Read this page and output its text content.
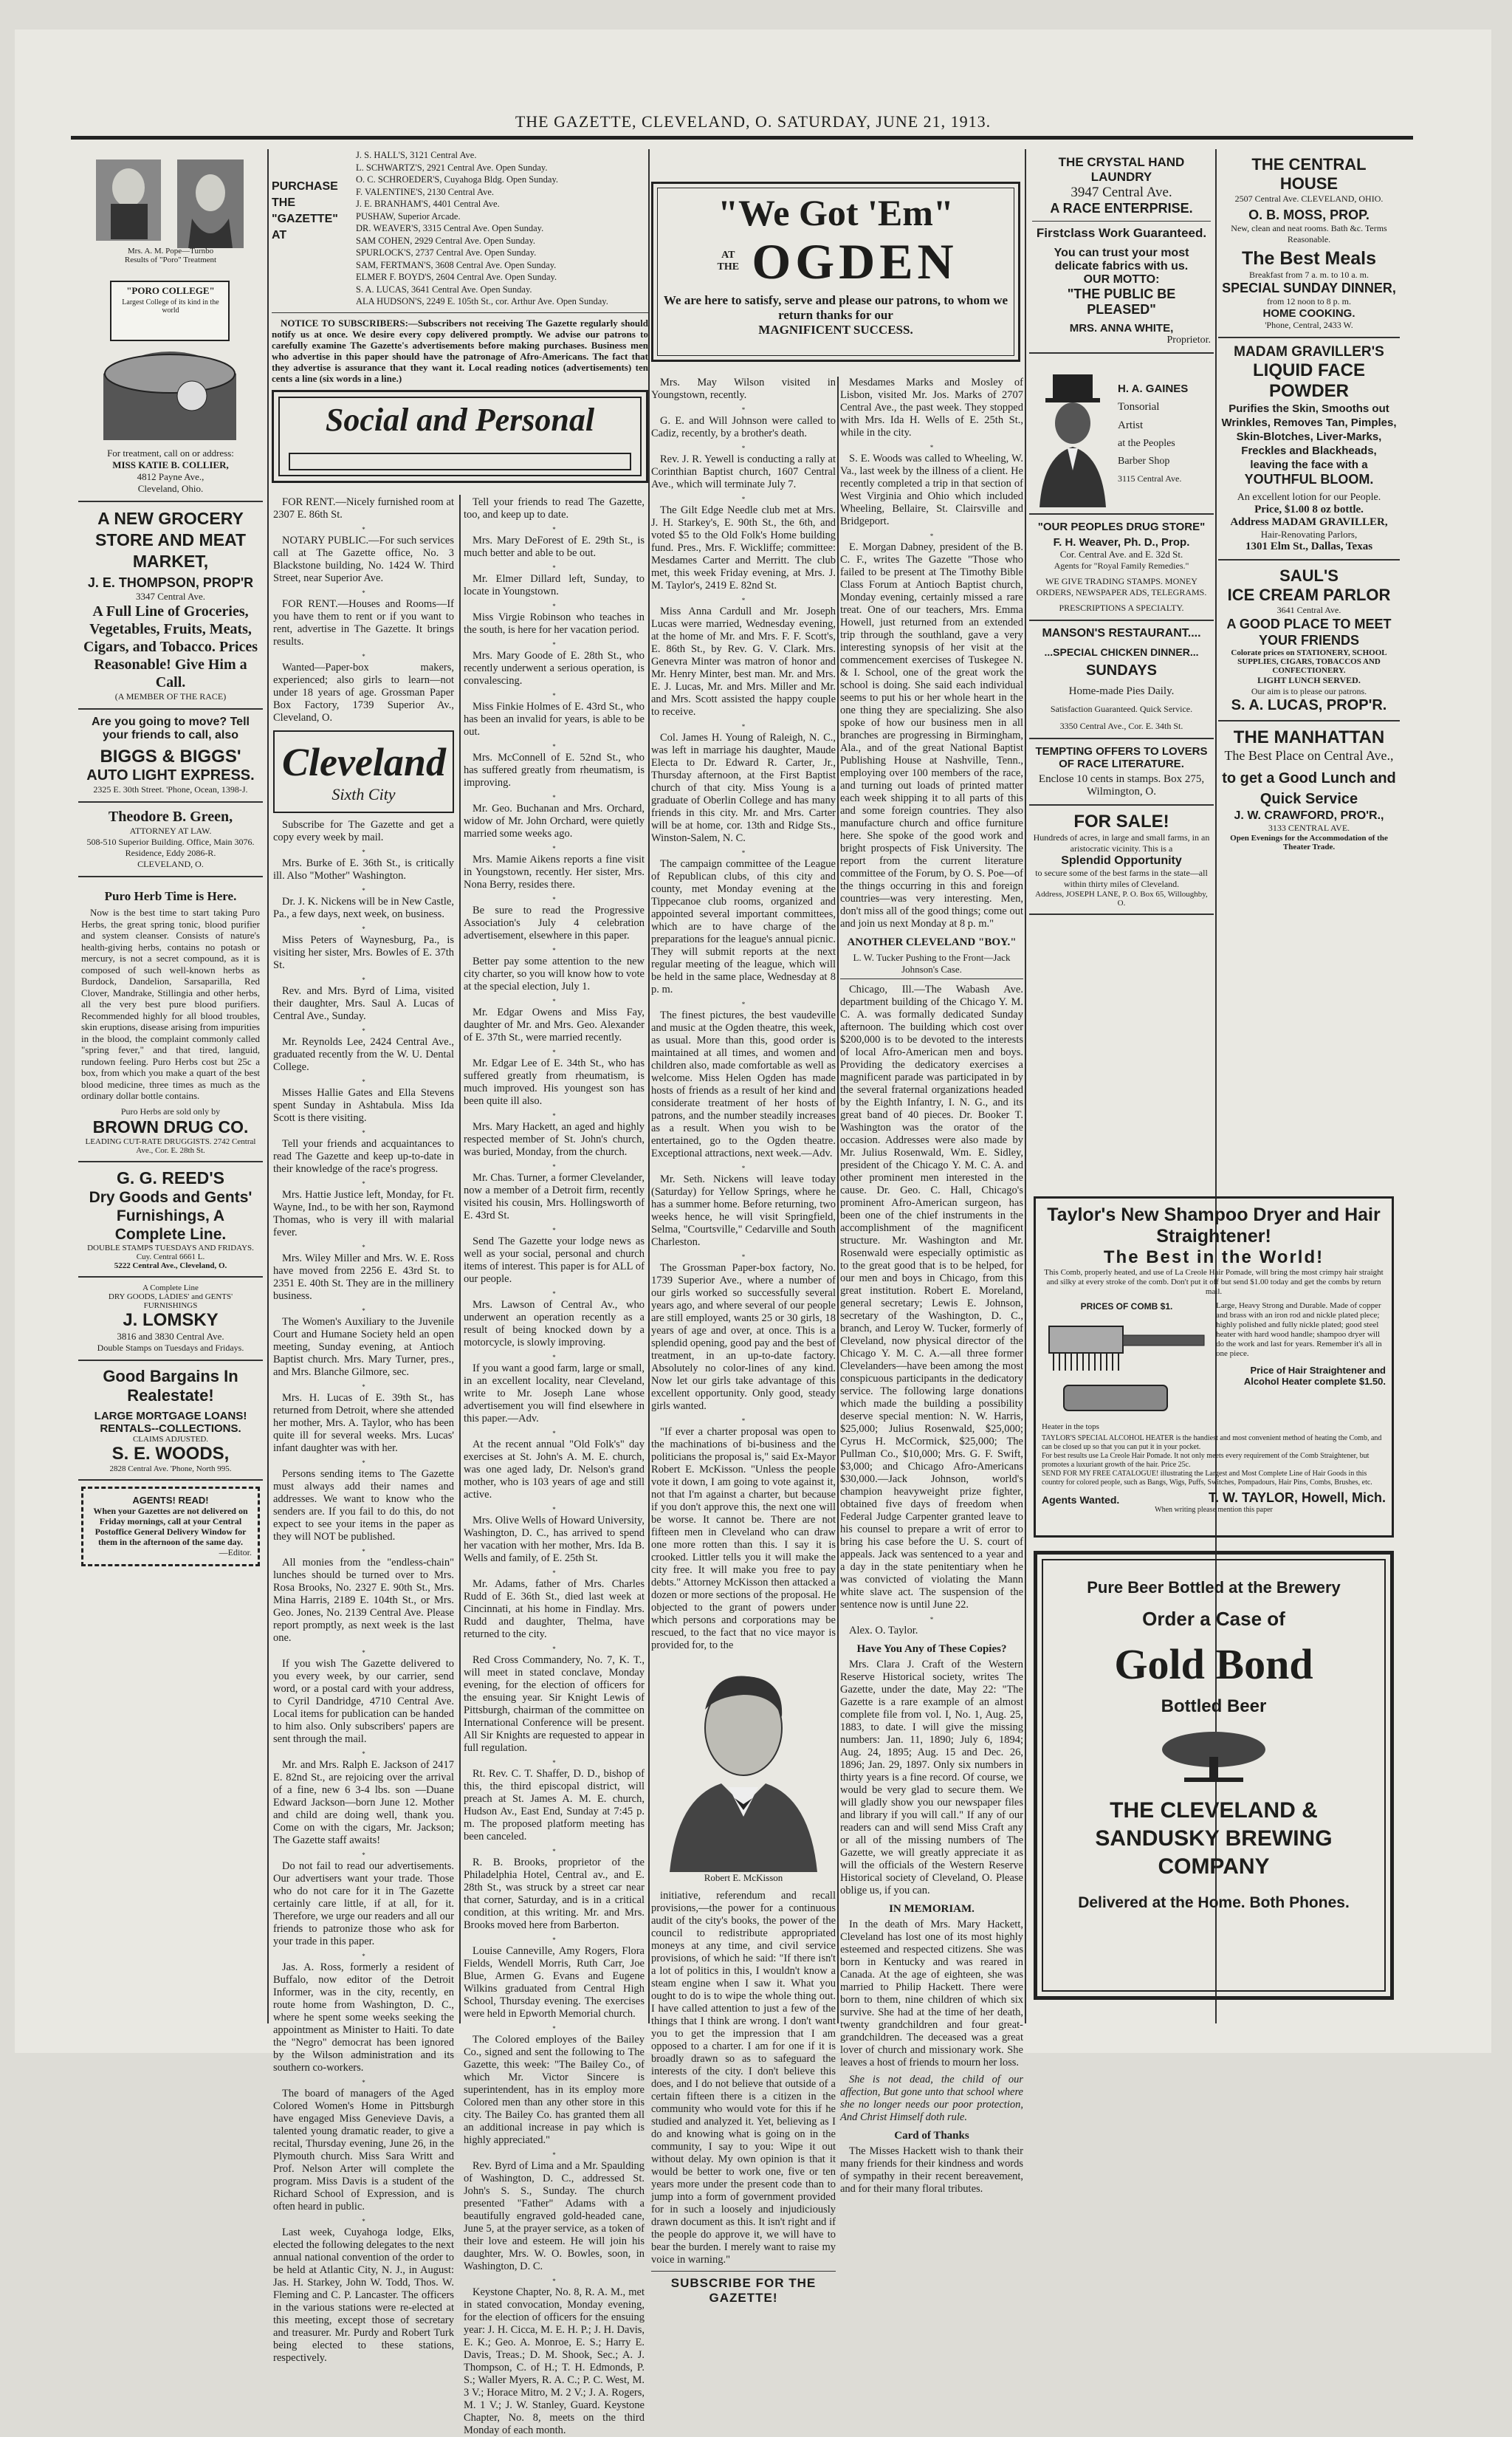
THE GAZETTE, CLEVELAND, O. SATURDAY, JUNE 21, 1913.
Mrs. A. M. Pope—Turnbo
Results of "Poro" Treatment
"PORO COLLEGE"
Largest College of its kind in the world
For treatment, call on or address:
MISS KATIE B. COLLIER,
4812 Payne Ave.,
Cleveland, Ohio.
A NEW GROCERY STORE AND MEAT MARKET,
J. E. THOMPSON, PROP'R
3347 Central Ave.
A Full Line of Groceries, Vegetables, Fruits, Meats, Cigars, and Tobacco. Prices Reasonable! Give Him a Call.
(A MEMBER OF THE RACE)
Are you going to move? Tell your friends to call, also
BIGGS & BIGGS'
AUTO LIGHT EXPRESS.
2325 E. 30th Street. 'Phone, Ocean, 1398-J.
Theodore B. Green,
ATTORNEY AT LAW.
508-510 Superior Building. Office, Main 3076. Residence, Eddy 2086-R.
CLEVELAND, O.
Puro Herb Time is Here.

Now is the best time to start taking Puro Herbs, the great spring tonic, blood purifier and system cleanser. Consists of nature's health-giving herbs, contains no potash or mercury, is not a secret compound, as it is composed of such well-known herbs as Burdock, Dandelion, Sarsaparilla, Red Clover, Mandrake, Stillingia and other herbs, all the very best pure blood purifiers. Recommended highly for all blood troubles, skin eruptions, disease arising from impurities in the blood, the complaint commonly called "spring fever," and that tired, languid, rundown feeling. Puro Herbs cost but 25c a box, from which you make a quart of the best blood medicine, three times as much as the ordinary dollar bottle contains.

Puro Herbs are sold only by
BROWN DRUG CO.
LEADING CUT-RATE DRUGGISTS. 2742 Central Ave., Cor. E. 28th St.
G. G. REED'S
Dry Goods and Gents' Furnishings, A Complete Line.
DOUBLE STAMPS TUESDAYS AND FRIDAYS.
Cuy. Central 6661 L.
5222 Central Ave., Cleveland, O.
A Complete Line
DRY GOODS, LADIES' and GENTS' FURNISHINGS
J. LOMSKY
3816 and 3830 Central Ave.
Double Stamps on Tuesdays and Fridays.
Good Bargains In Realestate!
LARGE MORTGAGE LOANS! RENTALS--COLLECTIONS.
CLAIMS ADJUSTED.
S. E. WOODS,
2828 Central Ave. 'Phone, North 995.
AGENTS! READ!
When your Gazettes are not delivered on Friday mornings, call at your Central Postoffice General Delivery Window for them in the afternoon of the same day.
—Editor.
PURCHASE THE "GAZETTE" AT
J. S. HALL'S, 3121 Central Ave.
L. SCHWARTZ'S, 2921 Central Ave. Open Sunday.
O. C. SCHROEDER'S, Cuyahoga Bldg. Open Sunday.
F. VALENTINE'S, 2130 Central Ave.
J. E. BRANHAM'S, 4401 Central Ave.
PUSHAW, Superior Arcade.
DR. WEAVER'S, 3315 Central Ave. Open Sunday.
SAM COHEN, 2929 Central Ave. Open Sunday.
SPURLOCK'S, 2737 Central Ave. Open Sunday.
SAM, FERTMAN'S, 3608 Central Ave. Open Sunday.
ELMER F. BOYD'S, 2604 Central Ave. Open Sunday.
S. A. LUCAS, 3641 Central Ave. Open Sunday.
ALA HUDSON'S, 2249 E. 105th St., cor. Arthur Ave. Open Sunday.

NOTICE TO SUBSCRIBERS:—Subscribers not receiving The Gazette regularly should notify us at once. We desire every copy delivered promptly. We advise our patrons to carefully examine The Gazette's advertisements before making purchases. Business men who advertise in this paper should have the patronage of Afro-Americans. The fact that they advertise is assurance that they want it. Local reading notices (advertisements) ten cents a line (six words in a line.)

Social and Personal

FOR RENT.—Nicely furnished room at 2307 E. 86th St.

*

NOTARY PUBLIC.—For such services call at The Gazette office, No. 3 Blackstone building, No. 1424 W. Third Street, near Superior Ave.

*

FOR RENT.—Houses and Rooms—If you have them to rent or if you want to rent, advertise in The Gazette. It brings results.

*

Wanted—Paper-box makers, experienced; also girls to learn—not under 18 years of age. Grossman Paper Box Factory, 1739 Superior Av., Cleveland, O.

Cleveland
Sixth City

Subscribe for The Gazette and get a copy every week by mail.

*

Mrs. Burke of E. 36th St., is critically ill. Also "Mother" Washington.

*

Dr. J. K. Nickens will be in New Castle, Pa., a few days, next week, on business.

*

Miss Peters of Waynesburg, Pa., is visiting her sister, Mrs. Bowles of E. 37th St.

*

Rev. and Mrs. Byrd of Lima, visited their daughter, Mrs. Saul A. Lucas of Central Ave., Sunday.

*

Mr. Reynolds Lee, 2424 Central Ave., graduated recently from the W. U. Dental College.

*

Misses Hallie Gates and Ella Stevens spent Sunday in Ashtabula. Miss Ida Scott is there visiting.

*

Tell your friends and acquaintances to read The Gazette and keep up-to-date in their knowledge of the race's progress.

*

Mrs. Hattie Justice left, Monday, for Ft. Wayne, Ind., to be with her son, Raymond Thomas, who is very ill with malarial fever.

*

Mrs. Wiley Miller and Mrs. W. E. Ross have moved from 2256 E. 43rd St. to 2351 E. 40th St. They are in the millinery business.

*

The Women's Auxiliary to the Juvenile Court and Humane Society held an open meeting, Sunday evening, at Antioch Baptist church. Mrs. Mary Turner, pres., and Mrs. Blanche Gilmore, sec.

*

Mrs. H. Lucas of E. 39th St., has returned from Detroit, where she attended her mother, Mrs. A. Taylor, who has been quite ill for several weeks. Mrs. Lucas' infant daughter was with her.

*

Persons sending items to The Gazette must always add their names and addresses. We want to know who the senders are. If you fail to do this, do not expect to see your items in the paper as they will NOT be published.

*

All monies from the "endless-chain" lunches should be turned over to Mrs. Rosa Brooks, No. 2327 E. 90th St., Mrs. Mina Harris, 2189 E. 104th St., or Mrs. Geo. Jones, No. 2139 Central Ave. Please report promptly, as next week is the last one.

*

If you wish The Gazette delivered to you every week, by our carrier, send word, or a postal card with your address, to Cyril Dandridge, 4710 Central Ave. Local items for publication can be handed to him also. Only subscribers' papers are sent through the mail.

*

Mr. and Mrs. Ralph E. Jackson of 2417 E. 82nd St., are rejoicing over the arrival of a fine, new 6 3-4 lbs. son —Duane Edward Jackson—born June 12. Mother and child are doing well, thank you. Come on with the cigars, Mr. Jackson; The Gazette staff awaits!

*

Do not fail to read our advertisements. Our advertisers want your trade. Those who do not care for it in The Gazette certainly care little, if at all, for it. Therefore, we urge our readers and all our friends to patronize those who ask for your trade in this paper.

*

Jas. A. Ross, formerly a resident of Buffalo, now editor of the Detroit Informer, was in the city, recently, en route home from Washington, D. C., where he spent some weeks seeking the appointment as Minister to Haiti. To date the "Negro" democrat has been ignored by the Wilson administration and its southern co-workers.

*

The board of managers of the Aged Colored Women's Home in Pittsburgh have engaged Miss Genevieve Davis, a talented young dramatic reader, to give a recital, Thursday evening, June 26, in the Plymouth church. Miss Sara Writt and Prof. Nelson Arter will complete the program. Miss Davis is a student of the Richard School of Expression, and is often heard in public.

*

Last week, Cuyahoga lodge, Elks, elected the following delegates to the next annual national convention of the order to be held at Atlantic City, N. J., in August: Jas. H. Starkey, John W. Todd, Thos. W. Fleming and C. P. Lancaster. The officers in the various stations were re-elected at this meeting, except those of secretary and treasurer. Mr. Purdy and Robert Turk being elected to these stations, respectively.

Tell your friends to read The Gazette, too, and keep up to date.

*

Mrs. Mary DeForest of E. 29th St., is much better and able to be out.

*

Mr. Elmer Dillard left, Sunday, to locate in Youngstown.

*

Miss Virgie Robinson who teaches in the south, is here for her vacation period.

*

Mrs. Mary Goode of E. 28th St., who recently underwent a serious operation, is convalescing.

*

Miss Finkie Holmes of E. 43rd St., who has been an invalid for years, is able to be out.

*

Mrs. McConnell of E. 52nd St., who has suffered greatly from rheumatism, is improving.

*

Mr. Geo. Buchanan and Mrs. Orchard, widow of Mr. John Orchard, were quietly married some weeks ago.

*

Mrs. Mamie Aikens reports a fine visit in Youngstown, recently. Her sister, Mrs. Nona Berry, resides there.

*

Be sure to read the Progressive Association's July 4 celebration advertisement, elsewhere in this paper.

*

Better pay some attention to the new city charter, so you will know how to vote at the special election, July 1.

*

Mr. Edgar Owens and Miss Fay, daughter of Mr. and Mrs. Geo. Alexander of E. 37th St., were married recently.

*

Mr. Edgar Lee of E. 34th St., who has suffered greatly from rheumatism, is much improved. His youngest son has been quite ill also.

*

Mrs. Mary Hackett, an aged and highly respected member of St. John's church, was buried, Monday, from the church.

*

Mr. Chas. Turner, a former Clevelander, now a member of a Detroit firm, recently visited his cousin, Mrs. Hollingsworth of E. 43rd St.

*

Send The Gazette your lodge news as well as your social, personal and church items of interest. This paper is for ALL of our people.

*

Mrs. Lawson of Central Av., who underwent an operation recently as a result of being knocked down by a motorcycle, is slowly improving.

*

If you want a good farm, large or small, in an excellent locality, near Cleveland, write to Mr. Joseph Lane whose advertisement you will find elsewhere in this paper.—Adv.

*

At the recent annual "Old Folk's" day exercises at St. John's A. M. E. church, was one aged lady, Dr. Nelson's grand mother, who is 103 years of age and still active.

*

Mrs. Olive Wells of Howard University, Washington, D. C., has arrived to spend her vacation with her mother, Mrs. Ida B. Wells and family, of E. 25th St.

*

Mr. Adams, father of Mrs. Charles Rudd of E. 36th St., died last week at Cincinnati, at his home in Findlay. Mrs. Rudd and daughter, Thelma, have returned to the city.

*

Red Cross Commandery, No. 7, K. T., will meet in stated conclave, Monday evening, for the election of officers for the ensuing year. Sir Knight Lewis of Pittsburgh, chairman of the committee on International Conference will be present. All Sir Knights are requested to appear in full regulation.

*

Rt. Rev. C. T. Shaffer, D. D., bishop of this, the third episcopal district, will preach at St. James A. M. E. church, Hudson Av., East End, Sunday at 7:45 p. m. The proposed platform meeting has been canceled.

*

R. B. Brooks, proprietor of the Philadelphia Hotel, Central av., and E. 28th St., was struck by a street car near that corner, Saturday, and is in a critical condition, at this writing. Mr. and Mrs. Brooks moved here from Barberton.

*

Louise Canneville, Amy Rogers, Flora Fields, Wendell Morris, Ruth Carr, Joe Blue, Armen G. Evans and Eugene Wilkins graduated from Central High School, Thursday evening. The exercises were held in Epworth Memorial church.

*

The Colored employes of the Bailey Co., signed and sent the following to The Gazette, this week: "The Bailey Co., of which Mr. Victor Sincere is superintendent, has in its employ more Colored men than any other store in this city. The Bailey Co. has granted them all an additional increase in pay which is highly appreciated."

*

Rev. Byrd of Lima and a Mr. Spaulding of Washington, D. C., addressed St. John's S. S., Sunday. The church presented "Father" Adams with a beautifully engraved gold-headed cane, June 5, at the prayer service, as a token of their love and esteem. He will join his daughter, Mrs. W. O. Bowles, soon, in Washington, D. C.

*

Keystone Chapter, No. 8, R. A. M., met in stated convocation, Monday evening, for the election of officers for the ensuing year: J. H. Cicca, M. E. H. P.; J. H. Davis, E. K.; Geo. A. Monroe, E. S.; Harry E. Davis, Treas.; D. M. Shook, Sec.; A. J. Thompson, C. of H.; T. H. Edmonds, P. S.; Waller Myers, R. A. C.; P. C. West, M. 3 V.; Horace Mitro, M. 2 V.; J. A. Rogers, M. 1 V.; J. W. Stanley, Guard. Keystone Chapter, No. 8, meets on the third Monday of each month.

"We Got 'Em"
AT THE OGDEN
We are here to satisfy, serve and please our patrons, to whom we return thanks for our
MAGNIFICENT SUCCESS.

Mrs. May Wilson visited in Youngstown, recently.

*

G. E. and Will Johnson were called to Cadiz, recently, by a brother's death.

*

Rev. J. R. Yewell is conducting a rally at Corinthian Baptist church, 1607 Central Ave., which will terminate July 7.

*

The Gilt Edge Needle club met at Mrs. J. H. Starkey's, E. 90th St., the 6th, and voted $5 to the Old Folk's Home building fund. Pres., Mrs. F. Wickliffe; committee: Mesdames Carter and Merritt. The club met, this week Friday evening, at Mrs. J. M. Taylor's, 2419 E. 82nd St.

*

Miss Anna Cardull and Mr. Joseph Lucas were married, Wednesday evening, at the home of Mr. and Mrs. F. F. Scott's, E. 86th St., by Rev. G. V. Clark. Mrs. Genevra Minter was matron of honor and Mr. Henry Minter, best man. Mr. and Mrs. E. J. Lucas, Mr. and Mrs. Miller and Mr. and Mrs. Scott assisted the happy couple to receive.

*

Col. James H. Young of Raleigh, N. C., was left in marriage his daughter, Maude Electa to Dr. Edward R. Carter, Jr., Thursday afternoon, at the First Baptist church of that city. Miss Young is a graduate of Oberlin College and has many friends in this city. Mr. and Mrs. Carter will be at home, cor. 13th and Ridge Sts., Winston-Salem, N. C.

*

The campaign committee of the League of Republican clubs, of this city and county, met Monday evening at the Tippecanoe club rooms, organized and appointed several important committees, which are to have charge of the preparations for the league's annual picnic. They will submit reports at the next regular meeting of the league, which will be held in the same place, Wednesday at 8 p. m.

*

The finest pictures, the best vaudeville and music at the Ogden theatre, this week, as usual. More than this, good order is maintained at all times, and women and children also, made comfortable as well as welcome. Miss Helen Ogden has made hosts of friends as a result of her kind and considerate treatment of her hosts of patrons, and the number steadily increases as a result. When you wish to be entertained, go to the Ogden theatre. Exceptional attractions, next week.—Adv.

*

Mr. Seth. Nickens will leave today (Saturday) for Yellow Springs, where he has a summer home. Before returning, two weeks hence, he will visit Springfield, Selma, "Courtsville," Cedarville and South Charleston.

*

The Grossman Paper-box factory, No. 1739 Superior Ave., where a number of our girls worked so successfully several years ago, and where several of our people are still employed, wants 25 or 30 girls, 18 years of age and over, at once. This is a splendid opening, good pay and the best of treatment, in an up-to-date factory. Absolutely no color-lines of any kind. Now let our girls take advantage of this excellent opportunity. Only good, steady girls wanted.

*

"If ever a charter proposal was open to the machinations of bi-business and the politicians the proposal is," said Ex-Mayor Robert E. McKisson. "Unless the people vote it down, I am going to vote against it, not that I'm against a charter, but because if you don't approve this, the next one will be worse. It cannot be. There are not fifteen men in Cleveland who can draw one more rotten than this. I say it is crooked. Littler tells you it will make the city free. It will make you free to pay debts." Attorney McKisson then attacked a dozen or more sections of the proposal. He objected to the grant of powers under which persons and corporations may be rescued, to the fact that no vice mayor is provided for, to the

Robert E. McKisson

initiative, referendum and recall provisions,—the power for a continuous audit of the city's books, the power of the council to redistribute appropriated moneys at any time, and civil service provisions, of which he said: "If there isn't a lot of politics in this, I wouldn't know a steam engine when I saw it. What you ought to do is to wipe the whole thing out. I have called attention to just a few of the things that I think are wrong. I don't want you to get the impression that I am opposed to a charter. I am for one if it is broadly drawn so as to safeguard the interests of the city. I don't believe this does, and I do not believe that outside of a certain fifteen there is a citizen in the community who would vote for this if he studied and analyzed it. Yet, believing as I do and knowing what is going on in the community, I say to you: Wipe it out without delay. My own opinion is that it would be better to work one, five or ten years more under the present code than to jump into a form of government provided for in such a loosely and injudiciously drawn document as this. It isn't right and if the people do approve it, we will have to bear the burden. I merely want to raise my voice in warning."

SUBSCRIBE FOR THE GAZETTE!

Mesdames Marks and Mosley of Lisbon, visited Mr. Jos. Marks of 2707 Central Ave., the past week. They stopped with Mrs. Ida H. Wells of E. 25th St., while in the city.

*

S. E. Woods was called to Wheeling, W. Va., last week by the illness of a client. He recently completed a trip in that section of West Virginia and Ohio which included Wheeling, Bellaire, St. Clairsville and Bridgeport.

*

E. Morgan Dabney, president of the B. C. F., writes The Gazette "Those who failed to be present at The Timothy Bible Class Forum at Antioch Baptist church, Monday evening, certainly missed a rare treat. One of our teachers, Mrs. Emma Howell, just returned from an extended trip through the southland, gave a very interesting synopsis of her visit at the commencement exercises of Tuskegee N. & I. School, one of the great work the school is doing. She said each individual seems to put his or her whole heart in the one thing they are specializing. She also spoke of how our business men in all branches are progressing in Birmingham, Ala., and of the great National Baptist Publishing House at Nashville, Tenn., employing over 100 members of the race, and turning out loads of printed matter each week shipping it to all parts of this and some foreign countries. They also manufacture church and office furniture here. She spoke of the good work and bright prospects of Fisk University. The report from the current literature committee of the Forum, by O. S. Poe—of the things occurring in this and foreign countries—was very interesting. Men, don't miss all of the good things; come out and join us next Monday at 8 p. m."

ANOTHER CLEVELAND "BOY."
L. W. Tucker Pushing to the Front—Jack Johnson's Case.

Chicago, Ill.—The Wabash Ave. department building of the Chicago Y. M. C. A. was formally dedicated Sunday afternoon. The building which cost over $200,000 is to be devoted to the interests of local Afro-American men and boys. Providing the dedicatory exercises a magnificent parade was participated in by the several fraternal organizations headed by the Eighth Infantry, I. N. G., and its great band of 40 pieces. Dr. Booker T. Washington was the orator of the occasion. Addresses were also made by Mr. Julius Rosenwald, Wm. E. Sidley, president of the Chicago Y. M. C. A. and other prominent men interested in the cause. Dr. Geo. C. Hall, Chicago's prominent Afro-American surgeon, has been one of the chief instruments in the accomplishment of the magnificent structure. Mr. Washington and Mr. Rosenwald were especially optimistic as to the great good that is to be helped, for our men and boys in Chicago, from this great institution. Robert E. Moreland, general secretary; Lewis E. Johnson, secretary of the Washington, D. C., branch, and Leroy W. Tucker, formerly of Cleveland, now physical director of the Chicago Y. M. C. A.—all three former Clevelanders—have been among the most conspicuous participants in the dedicatory service. The following large donations which made the building a possibility deserve special mention: N. W. Harris, $25,000; Julius Rosenwald, $25,000; Cyrus H. McCormick, $25,000; The Pullman Co., $10,000; Mrs. G. F. Swift, $3,000; and Chicago Afro-Americans $30,000.—Jack Johnson, world's champion heavyweight prize fighter, obtained five days of freedom when Federal Judge Carpenter granted leave to his counsel to prepare a writ of error to bring his case before the U. S. court of appeals. Jack was sentenced to a year and a day in the state penitentiary when he was convicted of violating the Mann white slave act. The suspension of the sentence now is until June 22.

*

Alex. O. Taylor.

Have You Any of These Copies?

Mrs. Clara J. Craft of the Western Reserve Historical society, writes The Gazette, under the date, May 22: "The Gazette is a rare example of an almost complete file from vol. I, No. 1, Aug. 25, 1883, to date. I will give the missing numbers: Jan. 11, 1890; July 6, 1894; Aug. 24, 1895; Aug. 15 and Dec. 26, 1896; Jan. 29, 1897. Only six numbers in thirty years is a fine record. Of course, we would be very glad to secure them. We will gladly show you our newspaper files and library if you will call." If any of our readers can and will send Miss Craft any or all of the missing numbers of The Gazette, we will greatly appreciate it as will the officials of the Western Reserve Historical society of Cleveland, O. Please oblige us, if you can.

IN MEMORIAM.

In the death of Mrs. Mary Hackett, Cleveland has lost one of its most highly esteemed and respected citizens. She was born in Kentucky and was reared in Canada. At the age of eighteen, she was married to Philip Hackett. There were born to them, nine children of which six survive. She had at the time of her death, twenty grandchildren and four great-grandchildren. The deceased was a great lover of church and missionary work. She leaves a host of friends to mourn her loss.

She is not dead, the child of our affection, But gone unto that school where she no longer needs our poor protection, And Christ Himself doth rule.

Card of Thanks

The Misses Hackett wish to thank their many friends for their kindness and words of sympathy in their recent bereavement, and for their many floral tributes.

THE CRYSTAL HAND LAUNDRY
3947 Central Ave.
A RACE ENTERPRISE.
Firstclass Work Guaranteed.
You can trust your most delicate fabrics with us.
OUR MOTTO:
"THE PUBLIC BE PLEASED"
MRS. ANNA WHITE,
Proprietor.
H. A. GAINES
Tonsorial
Artist
at the Peoples
Barber Shop
3115 Central Ave.
"OUR PEOPLES DRUG STORE"
F. H. Weaver, Ph. D., Prop.
Cor. Central Ave. and E. 32d St.
Agents for "Royal Family Remedies."
WE GIVE TRADING STAMPS. MONEY ORDERS, NEWSPAPER ADS, TELEGRAMS.
PRESCRIPTIONS A SPECIALTY.
MANSON'S RESTAURANT....
...SPECIAL CHICKEN DINNER...
SUNDAYS
Home-made Pies Daily.
Satisfaction Guaranteed. Quick Service.
3350 Central Ave., Cor. E. 34th St.
TEMPTING OFFERS TO LOVERS OF RACE LITERATURE.
Enclose 10 cents in stamps. Box 275, Wilmington, O.
FOR SALE!
Hundreds of acres, in large and small farms, in an aristocratic vicinity. This is a
Splendid Opportunity
to secure some of the best farms in the state—all within thirty miles of Cleveland.
Address, JOSEPH LANE, P. O. Box 65, Willoughby, O.
THE CENTRAL HOUSE
2507 Central Ave. CLEVELAND, OHIO.
O. B. MOSS, PROP.
New, clean and neat rooms. Bath &c. Terms Reasonable.
The Best Meals
Breakfast from 7 a. m. to 10 a. m.
SPECIAL SUNDAY DINNER,
from 12 noon to 8 p. m.
HOME COOKING.
'Phone, Central, 2433 W.
MADAM GRAVILLER'S
LIQUID FACE POWDER
Purifies the Skin, Smooths out Wrinkles, Removes Tan, Pimples, Skin-Blotches, Liver-Marks, Freckles and Blackheads, leaving the face with a
YOUTHFUL BLOOM.
An excellent lotion for our People.
Price, $1.00 8 oz bottle.
Address MADAM GRAVILLER,
Hair-Renovating Parlors,
1301 Elm St., Dallas, Texas
SAUL'S
ICE CREAM PARLOR
3641 Central Ave.
A GOOD PLACE TO MEET YOUR FRIENDS
Colorate prices on STATIONERY, SCHOOL SUPPLIES, CIGARS, TOBACCOS AND CONFECTIONERY.
LIGHT LUNCH SERVED.
Our aim is to please our patrons.
S. A. LUCAS, PROP'R.
THE MANHATTAN
The Best Place on Central Ave.,
to get a Good Lunch and Quick Service
J. W. CRAWFORD, PRO'R.,
3133 CENTRAL AVE.
Open Evenings for the Accommodation of the Theater Trade.
Taylor's New Shampoo Dryer and Hair Straightener!
The Best in the World!
This Comb, properly heated, and use of La Creole Hair Pomade, will bring the most crimpy hair straight and silky at every stroke of the comb. Don't put it off but send $1.00 today and get the combs by return mail.
PRICES OF COMB $1.
Heater in the tops
Large, Heavy Strong and Durable. Made of copper and brass with an iron rod and nickle plated plece; highly polished and fully nickle plated; good steel heater with hard wood handle; shampoo dryer will do the work and last for years. Remember it's all in one piece.
Price of Hair Straightener and Alcohol Heater complete $1.50.
TAYLOR'S SPECIAL ALCOHOL HEATER is the handiest and most convenient method of heating the Comb, and can be closed up so that you can put it in your pocket.
For best results use La Creole Hair Pomade. It not only meets every requirement of the Comb Straightener, but promotes a luxuriant growth of the hair. Price 25c.
SEND FOR MY FREE CATALOGUE! illustrating the Largest and Most Complete Line of Hair Goods in this country for colored people, such as Bangs, Wigs, Puffs, Switches, Pompadours, Hair Pins, Combs, Brushes, etc.
Agents Wanted.	T. W. TAYLOR, Howell, Mich.
When writing please mention this paper
Pure Beer Bottled at the Brewery
Order a Case of
Gold Bond
Bottled Beer
THE CLEVELAND & SANDUSKY BREWING COMPANY
Delivered at the Home. Both Phones.
